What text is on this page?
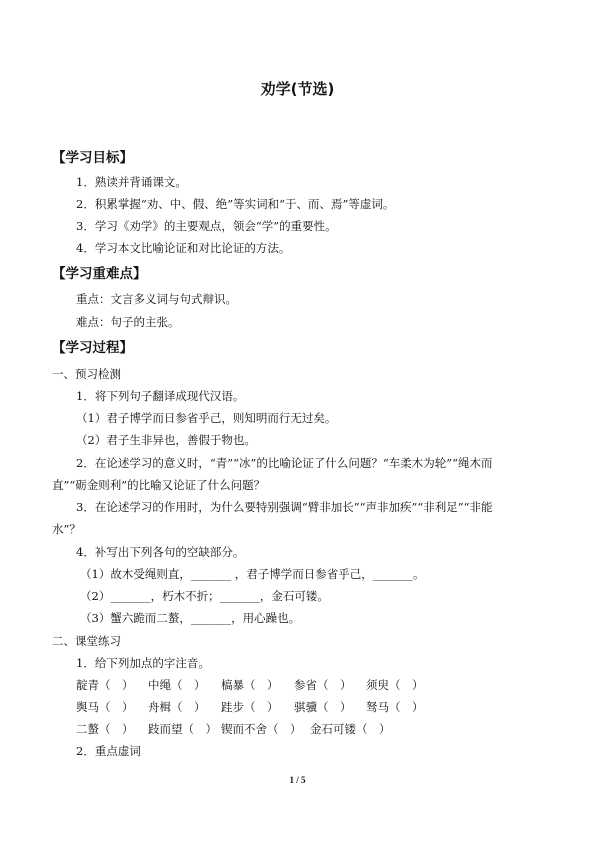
劝学(节选)
【学习目标】
1．熟读并背诵课文。
2．积累掌握“劝、中、假、绝”等实词和“于、而、焉”等虚词。
3．学习《劝学》的主要观点，领会“学”的重要性。
4．学习本文比喻论证和对比论证的方法。
【学习重难点】
重点：文言多义词与句式辩识。
难点：句子的主张。
【学习过程】
一、预习检测
1．将下列句子翻译成现代汉语。
（1）君子博学而日参省乎己，则知明而行无过矣。
（2）君子生非异也，善假于物也。
2．在论述学习的意义时，“青”“冰”的比喻论证了什么问题？“车柔木为轮”“绳木而
直”“砺金则利”的比喻又论证了什么问题？
3．在论述学习的作用时，为什么要特别强调“臂非加长”“声非加疾”“非利足”“非能
水”？
4．补写出下列各句的空缺部分。
（1）故木受绳则直，_______ ，君子博学而日参省乎己，_______。
（2）_______，朽木不折；_______，金石可镂。
（3）蟹六跪而二螯，_______，用心躁也。
二、课堂练习
1．给下列加点的字注音。
靛青（　） 中绳（　） 槁暴（　） 参省（　） 须臾（　）
舆马（　） 舟楫（　） 跬步（　） 骐骥（　） 驽马（　）
二螯（　） 跂而望（　） 锲而不舍（　） 金石可镂（　）
2．重点虚词
1 / 5
